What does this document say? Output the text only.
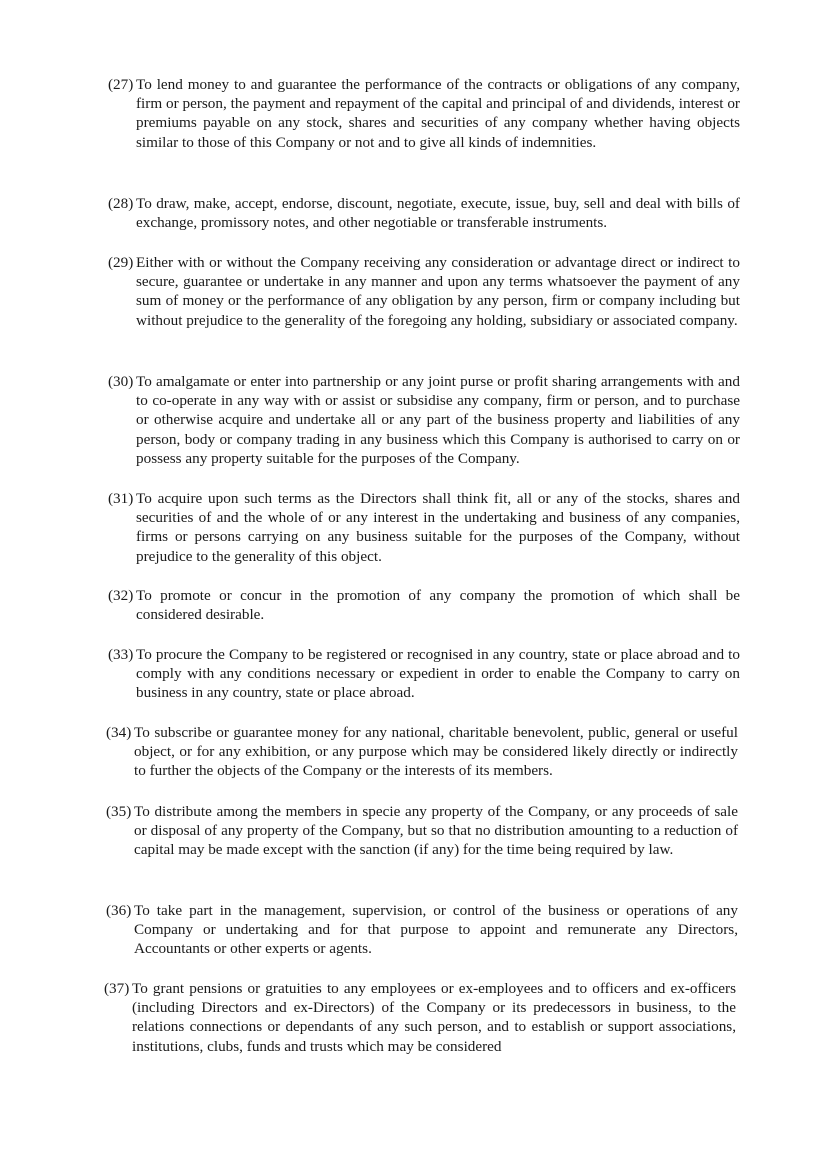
(27) To lend money to and guarantee the performance of the contracts or obligations of any company, firm or person, the payment and repayment of the capital and principal of and dividends, interest or premiums payable on any stock, shares and securities of any company whether having objects similar to those of this Company or not and to give all kinds of indemnities.
(28) To draw, make, accept, endorse, discount, negotiate, execute, issue, buy, sell and deal with bills of exchange, promissory notes, and other negotiable or transferable instruments.
(29) Either with or without the Company receiving any consideration or advantage direct or indirect to secure, guarantee or undertake in any manner and upon any terms whatsoever the payment of any sum of money or the performance of any obligation by any person, firm or company including but without prejudice to the generality of the foregoing any holding, subsidiary or associated company.
(30) To amalgamate or enter into partnership or any joint purse or profit sharing arrangements with and to co-operate in any way with or assist or subsidise any company, firm or person, and to purchase or otherwise acquire and undertake all or any part of the business property and liabilities of any person, body or company trading in any business which this Company is authorised to carry on or possess any property suitable for the purposes of the Company.
(31) To acquire upon such terms as the Directors shall think fit, all or any of the stocks, shares and securities of and the whole of or any interest in the undertaking and business of any companies, firms or persons carrying on any business suitable for the purposes of the Company, without prejudice to the generality of this object.
(32) To promote or concur in the promotion of any company the promotion of which shall be considered desirable.
(33) To procure the Company to be registered or recognised in any country, state or place abroad and to comply with any conditions necessary or expedient in order to enable the Company to carry on business in any country, state or place abroad.
(34) To subscribe or guarantee money for any national, charitable benevolent, public, general or useful object, or for any exhibition, or any purpose which may be considered likely directly or indirectly to further the objects of the Company or the interests of its members.
(35) To distribute among the members in specie any property of the Company, or any proceeds of sale or disposal of any property of the Company, but so that no distribution amounting to a reduction of capital may be made except with the sanction (if any) for the time being required by law.
(36) To take part in the management, supervision, or control of the business or operations of any Company or undertaking and for that purpose to appoint and remunerate any Directors, Accountants or other experts or agents.
(37) To grant pensions or gratuities to any employees or ex-employees and to officers and ex-officers (including Directors and ex-Directors) of the Company or its predecessors in business, to the relations connections or dependants of any such person, and to establish or support associations, institutions, clubs, funds and trusts which may be considered
